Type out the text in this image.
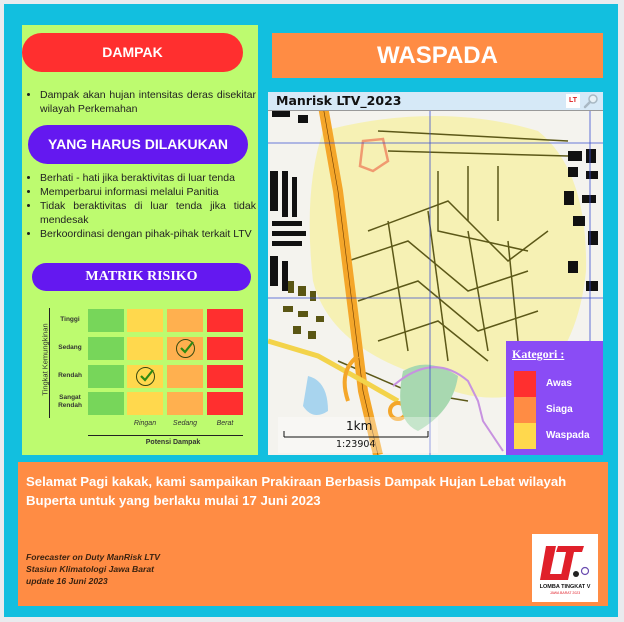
DAMPAK
• Dampak akan hujan intensitas deras disekitar wilayah Perkemahan
YANG HARUS DILAKUKAN
• Berhati - hati jika beraktivitas di luar tenda
• Memperbarui informasi melalui Panitia
• Tidak beraktivitas di luar tenda jika tidak mendesak
• Berkoordinasi dengan pihak-pihak terkait LTV
MATRIK RISIKO
Tingkat Kemungkinan
Potensi Dampak
Tinggi
Sedang
Rendah
Sangat Rendah
Ringan	Sedang	Berat
WASPADA
Manrisk LTV_2023	LT
1km
1:23904
Kategori :
Awas
Siaga
Waspada
Selamat Pagi kakak, kami sampaikan Prakiraan Berbasis Dampak Hujan Lebat wilayah Buperta untuk yang berlaku mulai 17 Juni 2023
Forecaster on Duty ManRisk LTV
Stasiun Klimatologi Jawa Barat
update 16 Juni 2023
LOMBA TINGKAT V
JAWA BARAT 2023
